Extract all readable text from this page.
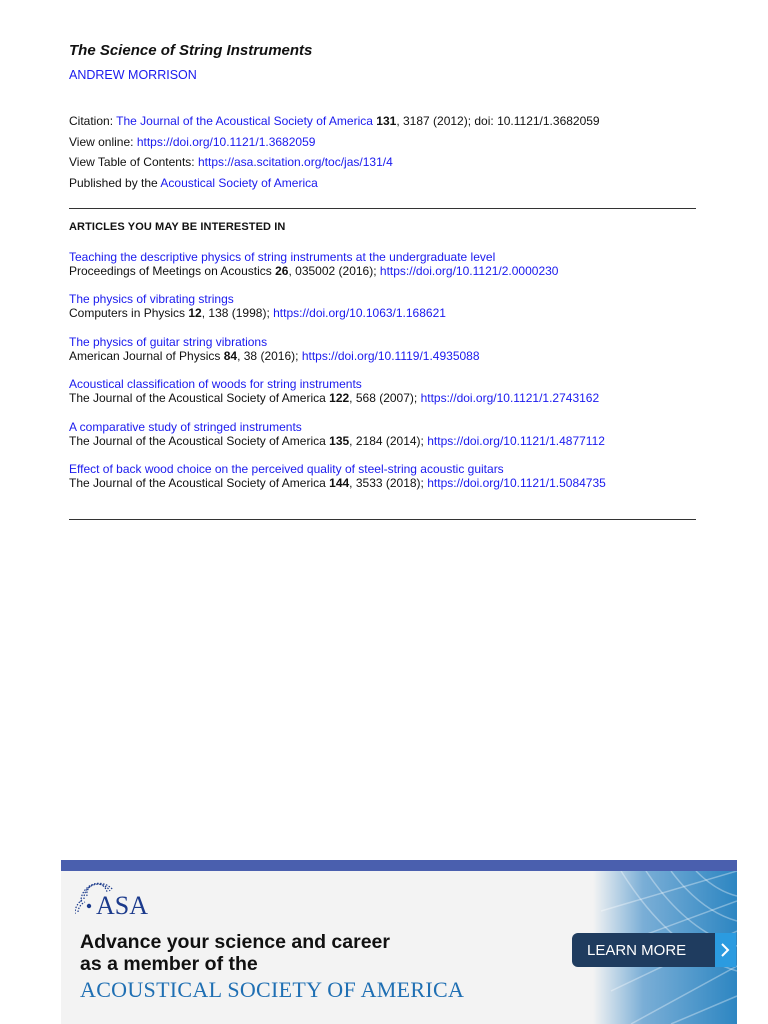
The Science of String Instruments
ANDREW MORRISON
Citation: The Journal of the Acoustical Society of America 131, 3187 (2012); doi: 10.1121/1.3682059
View online: https://doi.org/10.1121/1.3682059
View Table of Contents: https://asa.scitation.org/toc/jas/131/4
Published by the Acoustical Society of America
ARTICLES YOU MAY BE INTERESTED IN
Teaching the descriptive physics of string instruments at the undergraduate level
Proceedings of Meetings on Acoustics 26, 035002 (2016); https://doi.org/10.1121/2.0000230
The physics of vibrating strings
Computers in Physics 12, 138 (1998); https://doi.org/10.1063/1.168621
The physics of guitar string vibrations
American Journal of Physics 84, 38 (2016); https://doi.org/10.1119/1.4935088
Acoustical classification of woods for string instruments
The Journal of the Acoustical Society of America 122, 568 (2007); https://doi.org/10.1121/1.2743162
A comparative study of stringed instruments
The Journal of the Acoustical Society of America 135, 2184 (2014); https://doi.org/10.1121/1.4877112
Effect of back wood choice on the perceived quality of steel-string acoustic guitars
The Journal of the Acoustical Society of America 144, 3533 (2018); https://doi.org/10.1121/1.5084735
ASA
Advance your science and career
as a member of the
ACOUSTICAL SOCIETY OF AMERICA
LEARN MORE
